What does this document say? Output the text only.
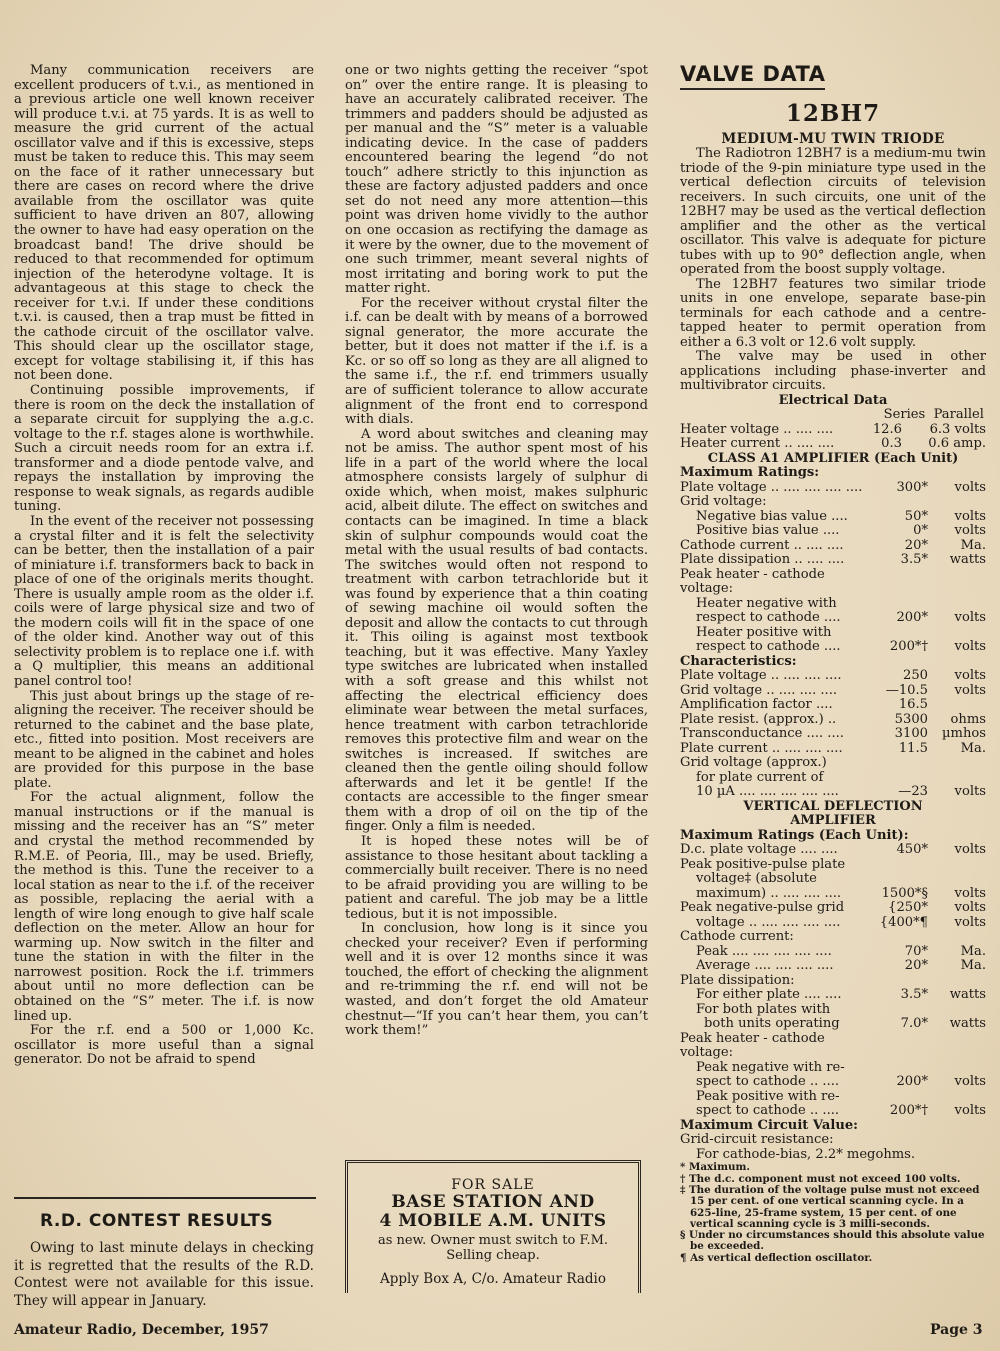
Many communication receivers are excellent producers of t.v.i., as mentioned in a previous article one well known receiver will produce t.v.i. at 75 yards. It is as well to measure the grid current of the actual oscillator valve and if this is excessive, steps must be taken to reduce this. This may seem on the face of it rather unnecessary but there are cases on record where the drive available from the oscillator was quite sufficient to have driven an 807, allowing the owner to have had easy operation on the broadcast band! The drive should be reduced to that recommended for optimum injection of the heterodyne voltage. It is advantageous at this stage to check the receiver for t.v.i. If under these conditions t.v.i. is caused, then a trap must be fitted in the cathode circuit of the oscillator valve. This should clear up the oscillator stage, except for voltage stabilising it, if this has not been done.

Continuing possible improvements, if there is room on the deck the installation of a separate circuit for supplying the a.g.c. voltage to the r.f. stages alone is worthwhile. Such a circuit needs room for an extra i.f. transformer and a diode pentode valve, and repays the installation by improving the response to weak signals, as regards audible tuning.

In the event of the receiver not possessing a crystal filter and it is felt the selectivity can be better, then the installation of a pair of miniature i.f. transformers back to back in place of one of the originals merits thought. There is usually ample room as the older i.f. coils were of large physical size and two of the modern coils will fit in the space of one of the older kind. Another way out of this selectivity problem is to replace one i.f. with a Q multiplier, this means an additional panel control too!

This just about brings up the stage of re-aligning the receiver. The receiver should be returned to the cabinet and the base plate, etc., fitted into position. Most receivers are meant to be aligned in the cabinet and holes are provided for this purpose in the base plate.

For the actual alignment, follow the manual instructions or if the manual is missing and the receiver has an “S” meter and crystal the method recommended by R.M.E. of Peoria, Ill., may be used. Briefly, the method is this. Tune the receiver to a local station as near to the i.f. of the receiver as possible, replacing the aerial with a length of wire long enough to give half scale deflection on the meter. Allow an hour for warming up. Now switch in the filter and tune the station in with the filter in the narrowest position. Rock the i.f. trimmers about until no more deflection can be obtained on the “S” meter. The i.f. is now lined up.

For the r.f. end a 500 or 1,000 Kc. oscillator is more useful than a signal generator. Do not be afraid to spend

R.D. CONTEST RESULTS

Owing to last minute delays in checking it is regretted that the results of the R.D. Contest were not available for this issue. They will appear in January.

one or two nights getting the receiver “spot on” over the entire range. It is pleasing to have an accurately calibrated receiver. The trimmers and padders should be adjusted as per manual and the “S” meter is a valuable indicating device. In the case of padders encountered bearing the legend “do not touch” adhere strictly to this injunction as these are factory adjusted padders and once set do not need any more attention—this point was driven home vividly to the author on one occasion as rectifying the damage as it were by the owner, due to the movement of one such trimmer, meant several nights of most irritating and boring work to put the matter right.

For the receiver without crystal filter the i.f. can be dealt with by means of a borrowed signal generator, the more accurate the better, but it does not matter if the i.f. is a Kc. or so off so long as they are all aligned to the same i.f., the r.f. end trimmers usually are of sufficient tolerance to allow accurate alignment of the front end to correspond with dials.

A word about switches and cleaning may not be amiss. The author spent most of his life in a part of the world where the local atmosphere consists largely of sulphur di oxide which, when moist, makes sulphuric acid, albeit dilute. The effect on switches and contacts can be imagined. In time a black skin of sulphur compounds would coat the metal with the usual results of bad contacts. The switches would often not respond to treatment with carbon tetrachloride but it was found by experience that a thin coating of sewing machine oil would soften the deposit and allow the contacts to cut through it. This oiling is against most textbook teaching, but it was effective. Many Yaxley type switches are lubricated when installed with a soft grease and this whilst not affecting the electrical efficiency does eliminate wear between the metal surfaces, hence treatment with carbon tetrachloride removes this protective film and wear on the switches is increased. If switches are cleaned then the gentle oiling should follow afterwards and let it be gentle! If the contacts are accessible to the finger smear them with a drop of oil on the tip of the finger. Only a film is needed.

It is hoped these notes will be of assistance to those hesitant about tackling a commercially built receiver. There is no need to be afraid providing you are willing to be patient and careful. The job may be a little tedious, but it is not impossible.

In conclusion, how long is it since you checked your receiver? Even if performing well and it is over 12 months since it was touched, the effort of checking the alignment and re-trimming the r.f. end will not be wasted, and don’t forget the old Amateur chestnut—“If you can’t hear them, you can’t work them!”

FOR SALE
BASE STATION AND
4 MOBILE A.M. UNITS
as new. Owner must switch to F.M.
Selling cheap.
Apply Box A, C/o. Amateur Radio
VALVE DATA
12BH7
MEDIUM-MU TWIN TRIODE

The Radiotron 12BH7 is a medium-mu twin triode of the 9-pin miniature type used in the vertical deflection circuits of television receivers. In such circuits, one unit of the 12BH7 may be used as the vertical deflection amplifier and the other as the vertical oscillator. This valve is adequate for picture tubes with up to 90° deflection angle, when operated from the boost supply voltage.

The 12BH7 features two similar triode units in one envelope, separate base-pin terminals for each cathode and a centre-tapped heater to permit operation from either a 6.3 volt or 12.6 volt supply.

The valve may be used in other applications including phase-inverter and multivibrator circuits.

Electrical Data
Series  Parallel
Heater voltage .. .... ....	12.6	6.3 volts
Heater current .. .... ....	0.3	0.6 amp.
CLASS A1 AMPLIFIER (Each Unit)
Maximum Ratings:
Plate voltage .. .... .... .... ....	300*	volts
Grid voltage:
Negative bias value ....	50*	volts
Positive bias value ....	0*	volts
Cathode current .. .... ....	20*	Ma.
Plate dissipation .. .... ....	3.5*	watts
Peak heater - cathode
voltage:
Heater negative with
respect to cathode ....	200*	volts
Heater positive with
respect to cathode ....	200*†	volts
Characteristics:
Plate voltage .. .... .... ....	250	volts
Grid voltage .. .... .... ....	—10.5	volts
Amplification factor ....	16.5
Plate resist. (approx.) ..	5300	ohms
Transconductance .... ....	3100	µmhos
Plate current .. .... .... ....	11.5	Ma.
Grid voltage (approx.)
for plate current of
10 µA .... .... .... .... ....	—23	volts
VERTICAL DEFLECTION
AMPLIFIER
Maximum Ratings (Each Unit):
D.c. plate voltage .... ....	450*	volts
Peak positive-pulse plate
voltage‡ (absolute
maximum) .. .... .... ....	1500*§	volts
Peak negative-pulse grid	{250*	volts
voltage .. .... .... .... ....	{400*¶	volts
Cathode current:
Peak .... .... .... .... ....	70*	Ma.
Average .... .... .... ....	20*	Ma.
Plate dissipation:
For either plate .... ....	3.5*	watts
For both plates with
both units operating	7.0*	watts
Peak heater - cathode
voltage:
Peak negative with re-
spect to cathode .. ....	200*	volts
Peak positive with re-
spect to cathode .. ....	200*†	volts
Maximum Circuit Value:
Grid-circuit resistance:
For cathode-bias, 2.2* megohms.
* Maximum.
† The d.c. component must not exceed 100 volts.
‡ The duration of the voltage pulse must not exceed 15 per cent. of one vertical scanning cycle. In a 625-line, 25-frame system, 15 per cent. of one vertical scanning cycle is 3 milli-seconds.
§ Under no circumstances should this absolute value be exceeded.
¶ As vertical deflection oscillator.
Amateur Radio, December, 1957	Page 3
